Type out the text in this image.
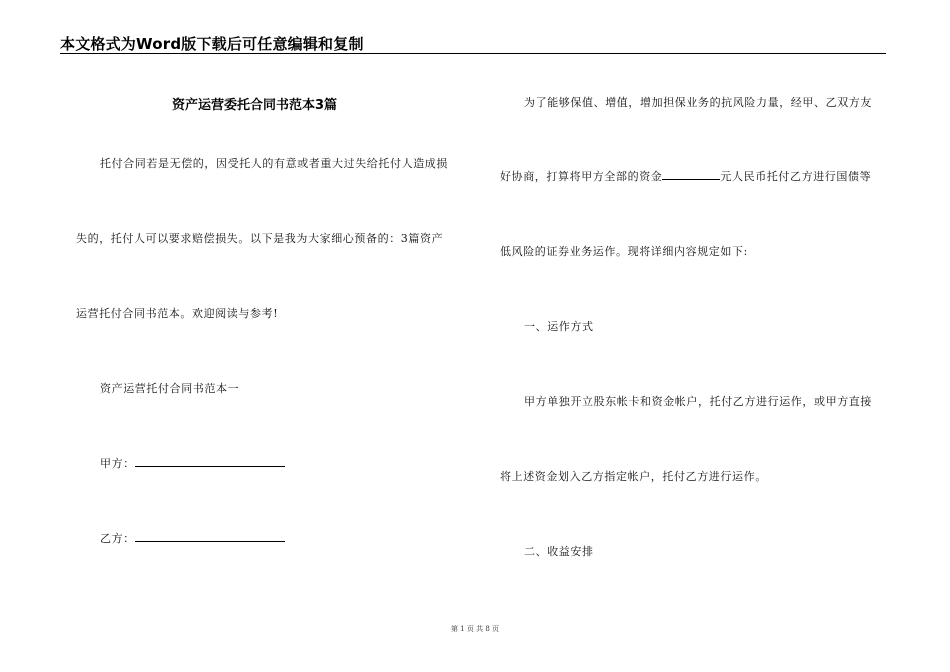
本文格式为Word版下载后可任意编辑和复制
资产运营委托合同书范本3篇
托付合同若是无偿的，因受托人的有意或者重大过失给托付人造成损
失的，托付人可以要求赔偿损失。以下是我为大家细心预备的：3篇资产
运营托付合同书范本。欢迎阅读与参考!
资产运营托付合同书范本一
甲方：
乙方：
为了能够保值、增值，增加担保业务的抗风险力量，经甲、乙双方友
好协商，打算将甲方全部的资金	元人民币托付乙方进行国债等
低风险的证券业务运作。现将详细内容规定如下:
一、运作方式
甲方单独开立股东帐卡和资金帐户，托付乙方进行运作，或甲方直接
将上述资金划入乙方指定帐户，托付乙方进行运作。
二、收益安排
第 1 页 共 8 页
